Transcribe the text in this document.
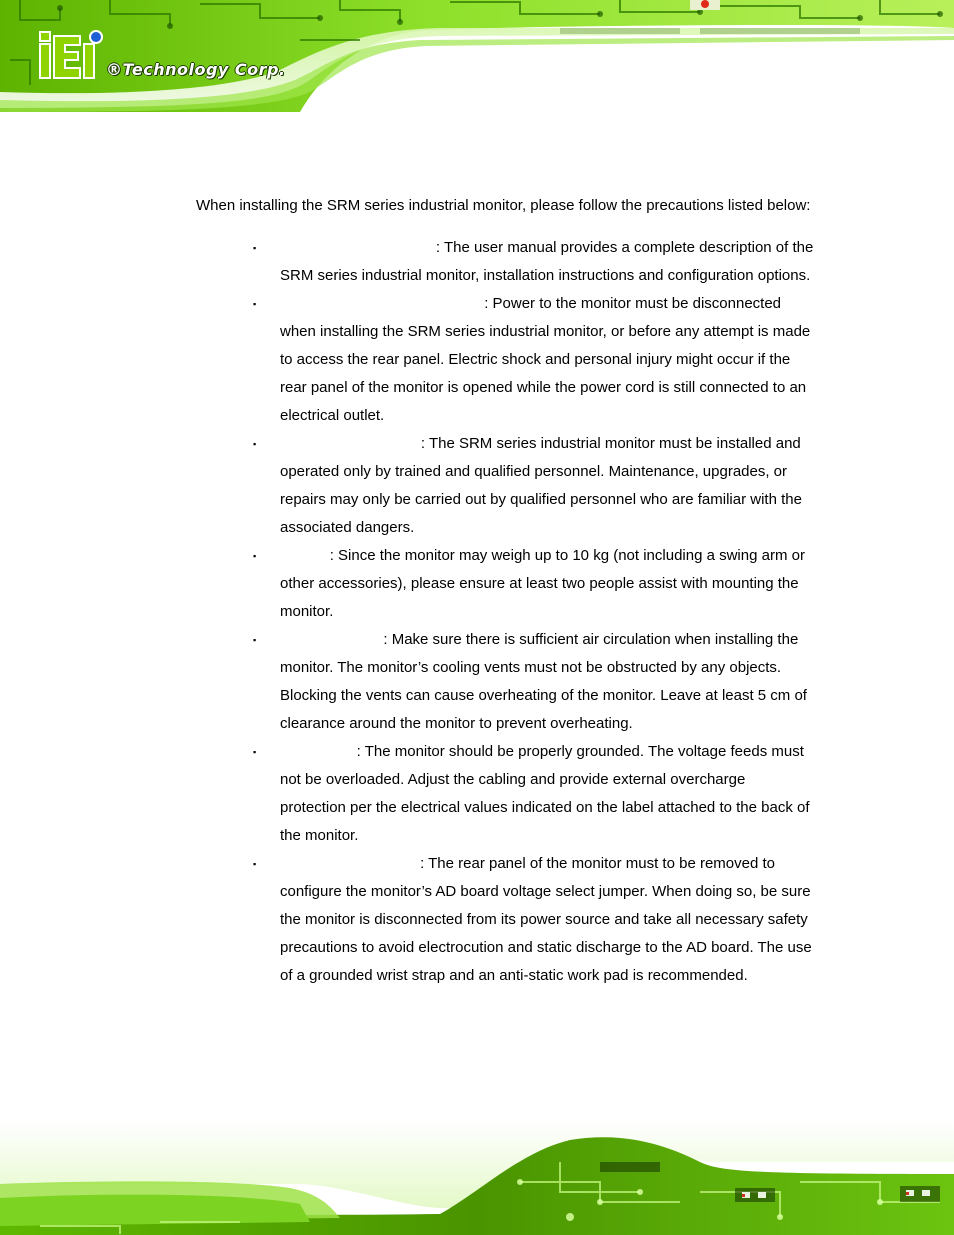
®Technology Corp.

When installing the SRM series industrial monitor, please follow the precautions listed below:

▪	: The user manual provides a complete description of the SRM series industrial monitor, installation instructions and configuration options.
▪	: Power to the monitor must be disconnected when installing the SRM series industrial monitor, or before any attempt is made to access the rear panel. Electric shock and personal injury might occur if the rear panel of the monitor is opened while the power cord is still connected to an electrical outlet.
▪	: The SRM series industrial monitor must be installed and operated only by trained and qualified personnel. Maintenance, upgrades, or repairs may only be carried out by qualified personnel who are familiar with the associated dangers.
▪	: Since the monitor may weigh up to 10 kg (not including a swing arm or other accessories), please ensure at least two people assist with mounting the monitor.
▪	: Make sure there is sufficient air circulation when installing the monitor. The monitor’s cooling vents must not be obstructed by any objects. Blocking the vents can cause overheating of the monitor. Leave at least 5 cm of clearance around the monitor to prevent overheating.
▪	: The monitor should be properly grounded. The voltage feeds must not be overloaded. Adjust the cabling and provide external overcharge protection per the electrical values indicated on the label attached to the back of the monitor.
▪	: The rear panel of the monitor must to be removed to configure the monitor’s AD board voltage select jumper. When doing so, be sure the monitor is disconnected from its power source and take all necessary safety precautions to avoid electrocution and static discharge to the AD board. The use of a grounded wrist strap and an anti-static work pad is recommended.
